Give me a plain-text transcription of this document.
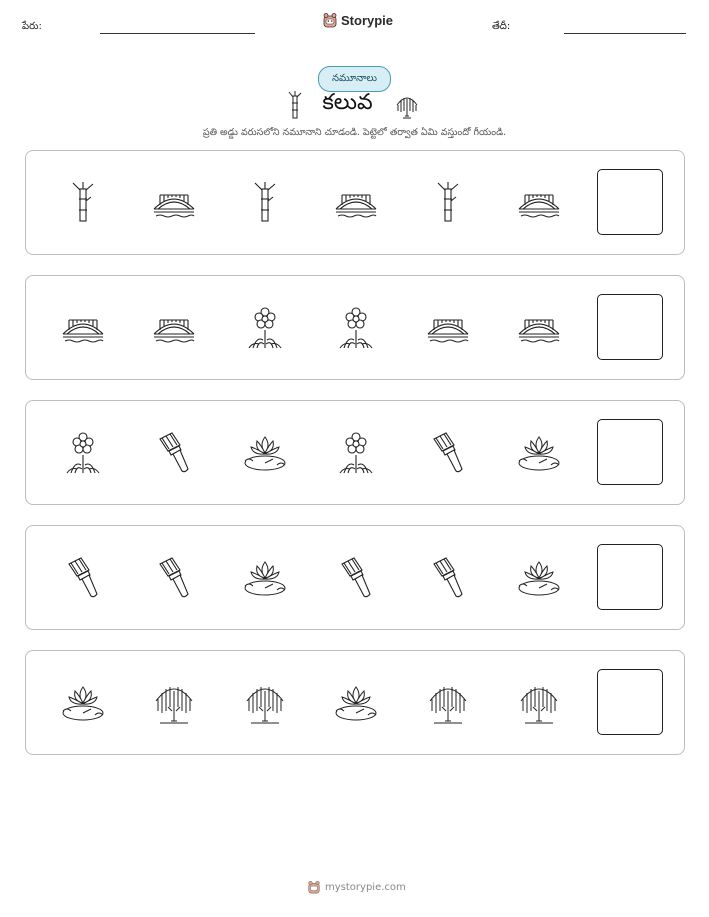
పేరు:	Storypie	తేదీ:
నమూనాలు
కలువ
ప్రతి అడ్డు వరుసలోని నమూనాని చూడండి. పెట్టెలో తర్వాత ఏమి వస్తుందో గీయండి.
mystorypie.com
